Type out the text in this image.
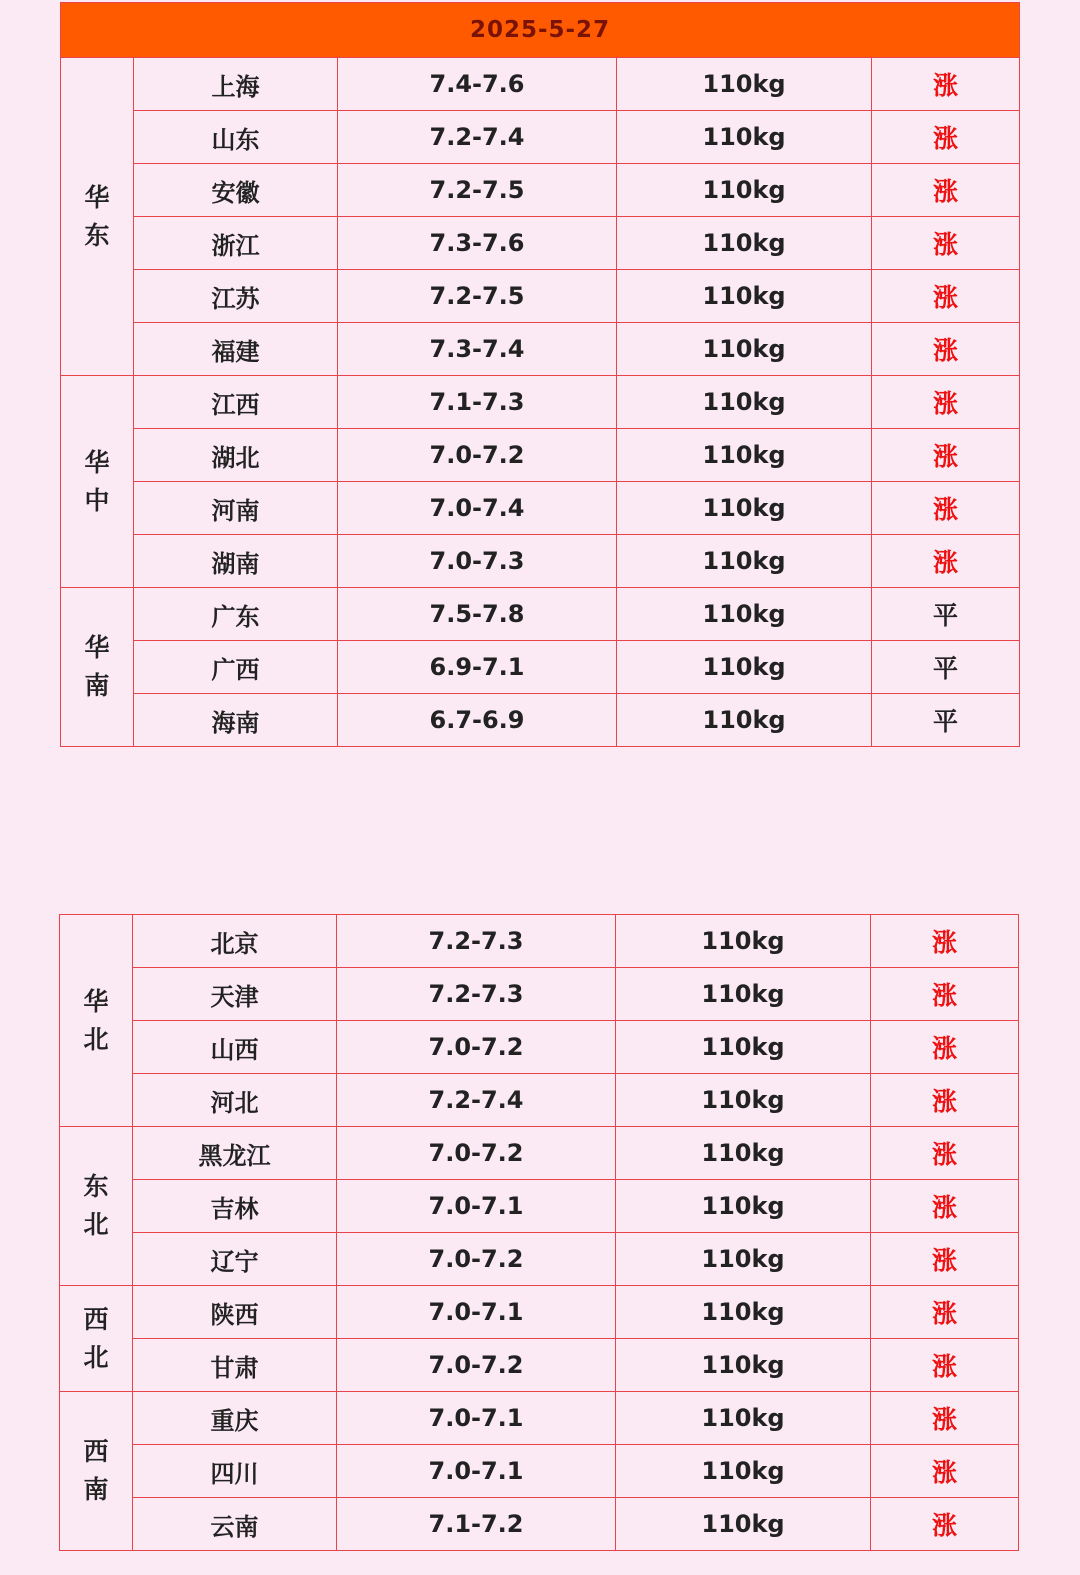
2025-5-27				

华
东	上海	7.4-7.6	110kg	涨
	山东	7.2-7.4	110kg	涨
	安徽	7.2-7.5	110kg	涨
	浙江	7.3-7.6	110kg	涨
	江苏	7.2-7.5	110kg	涨
	福建	7.3-7.4	110kg	涨

华
中	江西	7.1-7.3	110kg	涨
	湖北	7.0-7.2	110kg	涨
	河南	7.0-7.4	110kg	涨
	湖南	7.0-7.3	110kg	涨

华
南	广东	7.5-7.8	110kg	平
	广西	6.9-7.1	110kg	平
	海南	6.7-6.9	110kg	平
华
北	北京	7.2-7.3	110kg	涨
	天津	7.2-7.3	110kg	涨
	山西	7.0-7.2	110kg	涨
	河北	7.2-7.4	110kg	涨

东
北	黑龙江	7.0-7.2	110kg	涨
	吉林	7.0-7.1	110kg	涨
	辽宁	7.0-7.2	110kg	涨

西
北	陕西	7.0-7.1	110kg	涨
	甘肃	7.0-7.2	110kg	涨

西
南	重庆	7.0-7.1	110kg	涨
	四川	7.0-7.1	110kg	涨
	云南	7.1-7.2	110kg	涨
